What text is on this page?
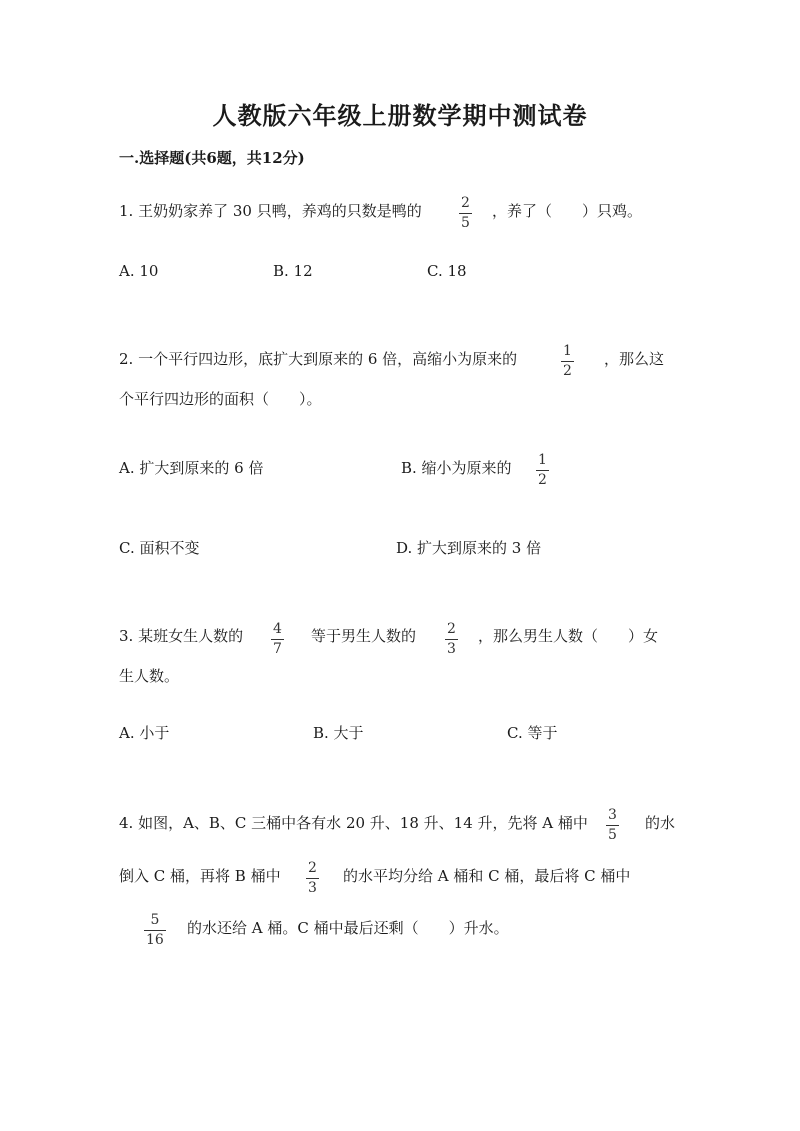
人教版六年级上册数学期中测试卷
一.选择题(共6题，共12分)
1. 王奶奶家养了 30 只鸭，养鸡的只数是鸭的	2
5
，养了（　　）只鸡。
A. 10	B. 12	C. 18
2. 一个平行四边形，底扩大到原来的 6 倍，高缩小为原来的	1
2
，那么这
个平行四边形的面积（　　）。
A. 扩大到原来的 6 倍	B. 缩小为原来的 1
2
C. 面积不变	D. 扩大到原来的 3 倍
3. 某班女生人数的 4
7
等于男生人数的 2
3
，那么男生人数（　　）女
生人数。
A. 小于	B. 大于	C. 等于
4. 如图，A、B、C 三桶中各有水 20 升、18 升、14 升，先将 A 桶中 3
5
的水
倒入 C 桶，再将 B 桶中 2
3
的水平均分给 A 桶和 C 桶，最后将 C 桶中
5
16
的水还给 A 桶。C 桶中最后还剩（　　）升水。
